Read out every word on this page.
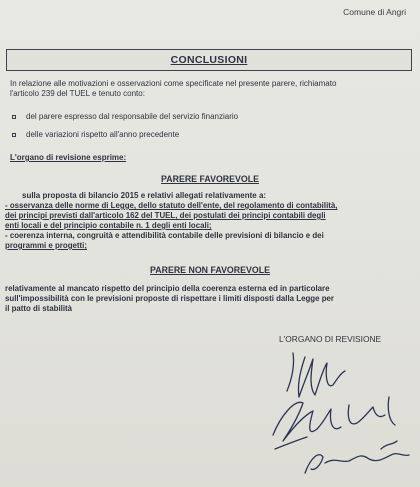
Comune di Angri
CONCLUSIONI
In relazione alle motivazioni e osservazioni come specificate nel presente parere, richiamato
l'articolo 239 del TUEL e tenuto conto:
del parere espresso dal responsabile del servizio finanziario
delle variazioni rispetto all'anno precedente
L'organo di revisione esprime:
PARERE FAVOREVOLE
sulla proposta di bilancio 2015 e relativi allegati relativamente a:
- osservanza delle norme di Legge, dello statuto dell'ente, del regolamento di contabilità,
dei principi previsti dall'articolo 162 del TUEL, dei postulati dei principi contabili degli
enti locali e del principio contabile n. 1 degli enti locali;
- coerenza interna, congruità e attendibilità contabile delle previsioni di bilancio e dei
programmi e progetti;
PARERE NON FAVOREVOLE
relativamente al mancato rispetto del principio della coerenza esterna ed in particolare
sull'impossibilità con le previsioni proposte di rispettare i limiti disposti dalla Legge per
il patto di stabilità
L'ORGANO DI REVISIONE
